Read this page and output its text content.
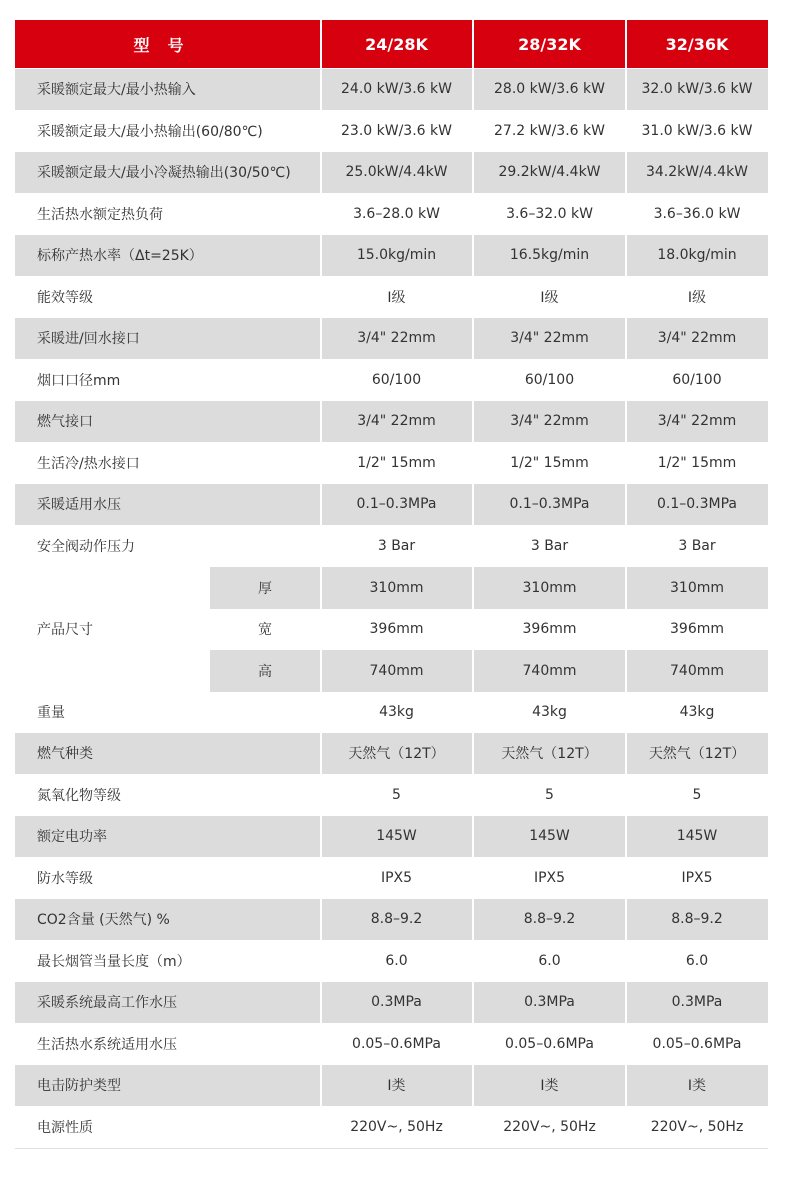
型号	24/28K	28/32K	32/36K
采暖额定最大/最小热输入	24.0 kW/3.6 kW	28.0 kW/3.6 kW	32.0 kW/3.6 kW
采暖额定最大/最小热输出(60/80℃)	23.0 kW/3.6 kW	27.2 kW/3.6 kW	31.0 kW/3.6 kW
采暖额定最大/最小冷凝热输出(30/50℃)	25.0kW/4.4kW	29.2kW/4.4kW	34.2kW/4.4kW
生活热水额定热负荷	3.6–28.0 kW	3.6–32.0 kW	3.6–36.0 kW
标称产热水率（Δt=25K）	15.0kg/min	16.5kg/min	18.0kg/min
能效等级	I级	I级	I级
采暖进/回水接口	3/4" 22mm	3/4" 22mm	3/4" 22mm
烟口口径mm	60/100	60/100	60/100
燃气接口	3/4" 22mm	3/4" 22mm	3/4" 22mm
生活冷/热水接口	1/2" 15mm	1/2" 15mm	1/2" 15mm
采暖适用水压	0.1–0.3MPa	0.1–0.3MPa	0.1–0.3MPa
安全阀动作压力	3 Bar	3 Bar	3 Bar
产品尺寸
厚	310mm	310mm	310mm
宽	396mm	396mm	396mm
高	740mm	740mm	740mm
重量	43kg	43kg	43kg
燃气种类	天然气（12T）	天然气（12T）	天然气（12T）
氮氧化物等级	5	5	5
额定电功率	145W	145W	145W
防水等级	IPX5	IPX5	IPX5
CO2含量 (天然气) %	8.8–9.2	8.8–9.2	8.8–9.2
最长烟管当量长度（m）	6.0	6.0	6.0
采暖系统最高工作水压	0.3MPa	0.3MPa	0.3MPa
生活热水系统适用水压	0.05–0.6MPa	0.05–0.6MPa	0.05–0.6MPa
电击防护类型	I类	I类	I类
电源性质	220V~, 50Hz	220V~, 50Hz	220V~, 50Hz
